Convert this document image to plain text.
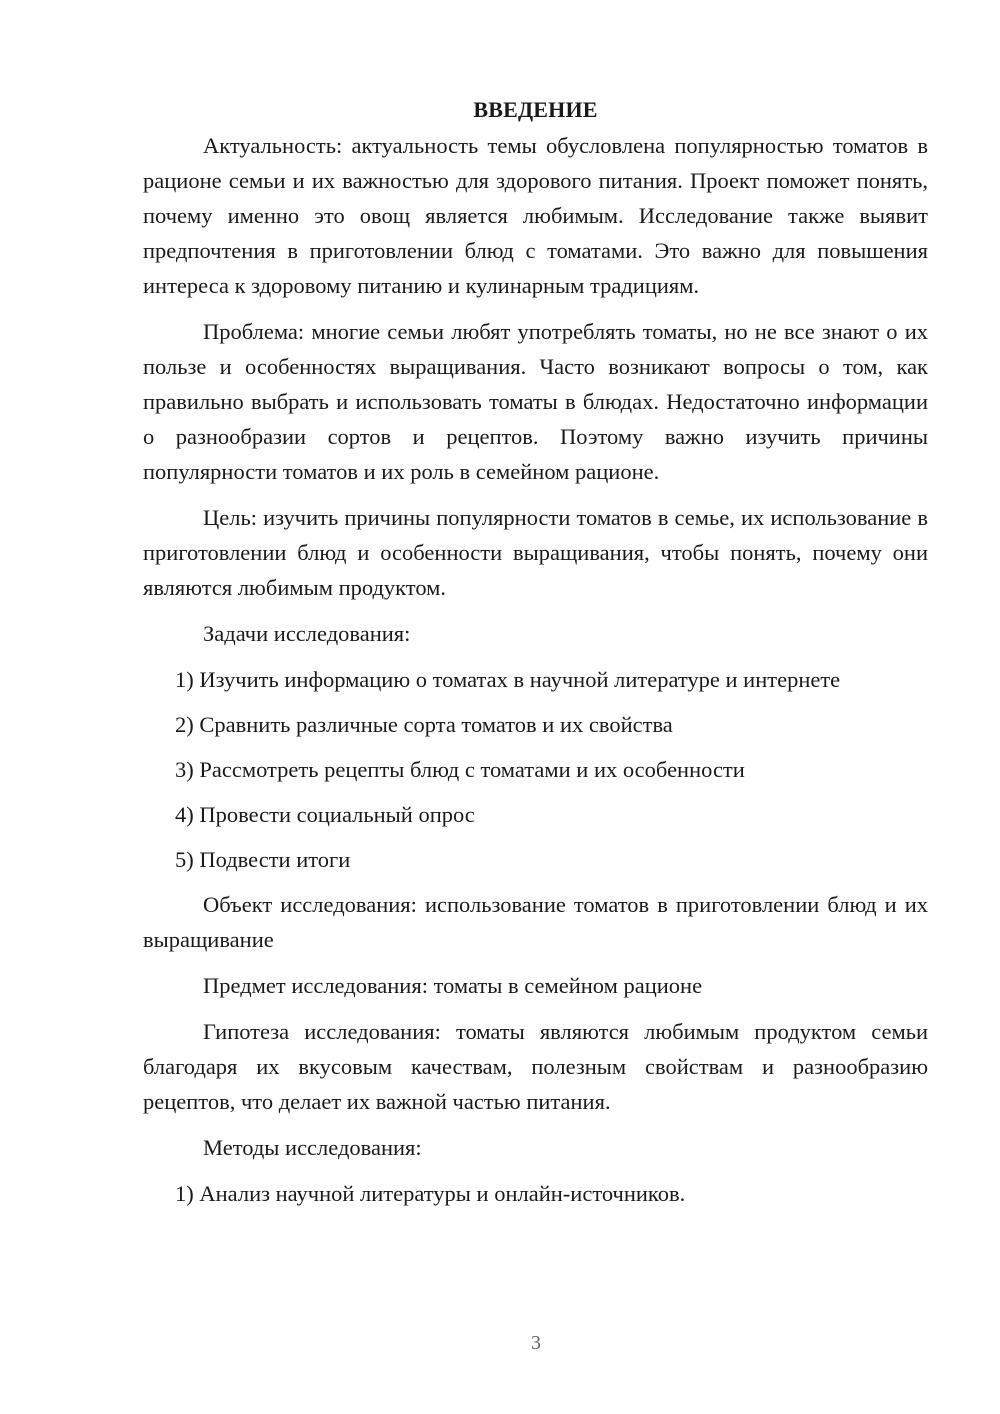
ВВЕДЕНИЕ

Актуальность: актуальность темы обусловлена популярностью томатов в рационе семьи и их важностью для здорового питания. Проект поможет понять, почему именно это овощ является любимым. Исследование также выявит предпочтения в приготовлении блюд с томатами. Это важно для повышения интереса к здоровому питанию и кулинарным традициям.

Проблема: многие семьи любят употреблять томаты, но не все знают о их пользе и особенностях выращивания. Часто возникают вопросы о том, как правильно выбрать и использовать томаты в блюдах. Недостаточно информации о разнообразии сортов и рецептов. Поэтому важно изучить причины популярности томатов и их роль в семейном рационе.

Цель: изучить причины популярности томатов в семье, их использование в приготовлении блюд и особенности выращивания, чтобы понять, почему они являются любимым продуктом.

Задачи исследования:

1) Изучить информацию о томатах в научной литературе и интернете
2) Сравнить различные сорта томатов и их свойства
3) Рассмотреть рецепты блюд с томатами и их особенности
4) Провести социальный опрос
5) Подвести итоги

Объект исследования: использование томатов в приготовлении блюд и их выращивание

Предмет исследования: томаты в семейном рационе

Гипотеза исследования: томаты являются любимым продуктом семьи благодаря их вкусовым качествам, полезным свойствам и разнообразию рецептов, что делает их важной частью питания.

Методы исследования:

1) Анализ научной литературы и онлайн-источников.
3
